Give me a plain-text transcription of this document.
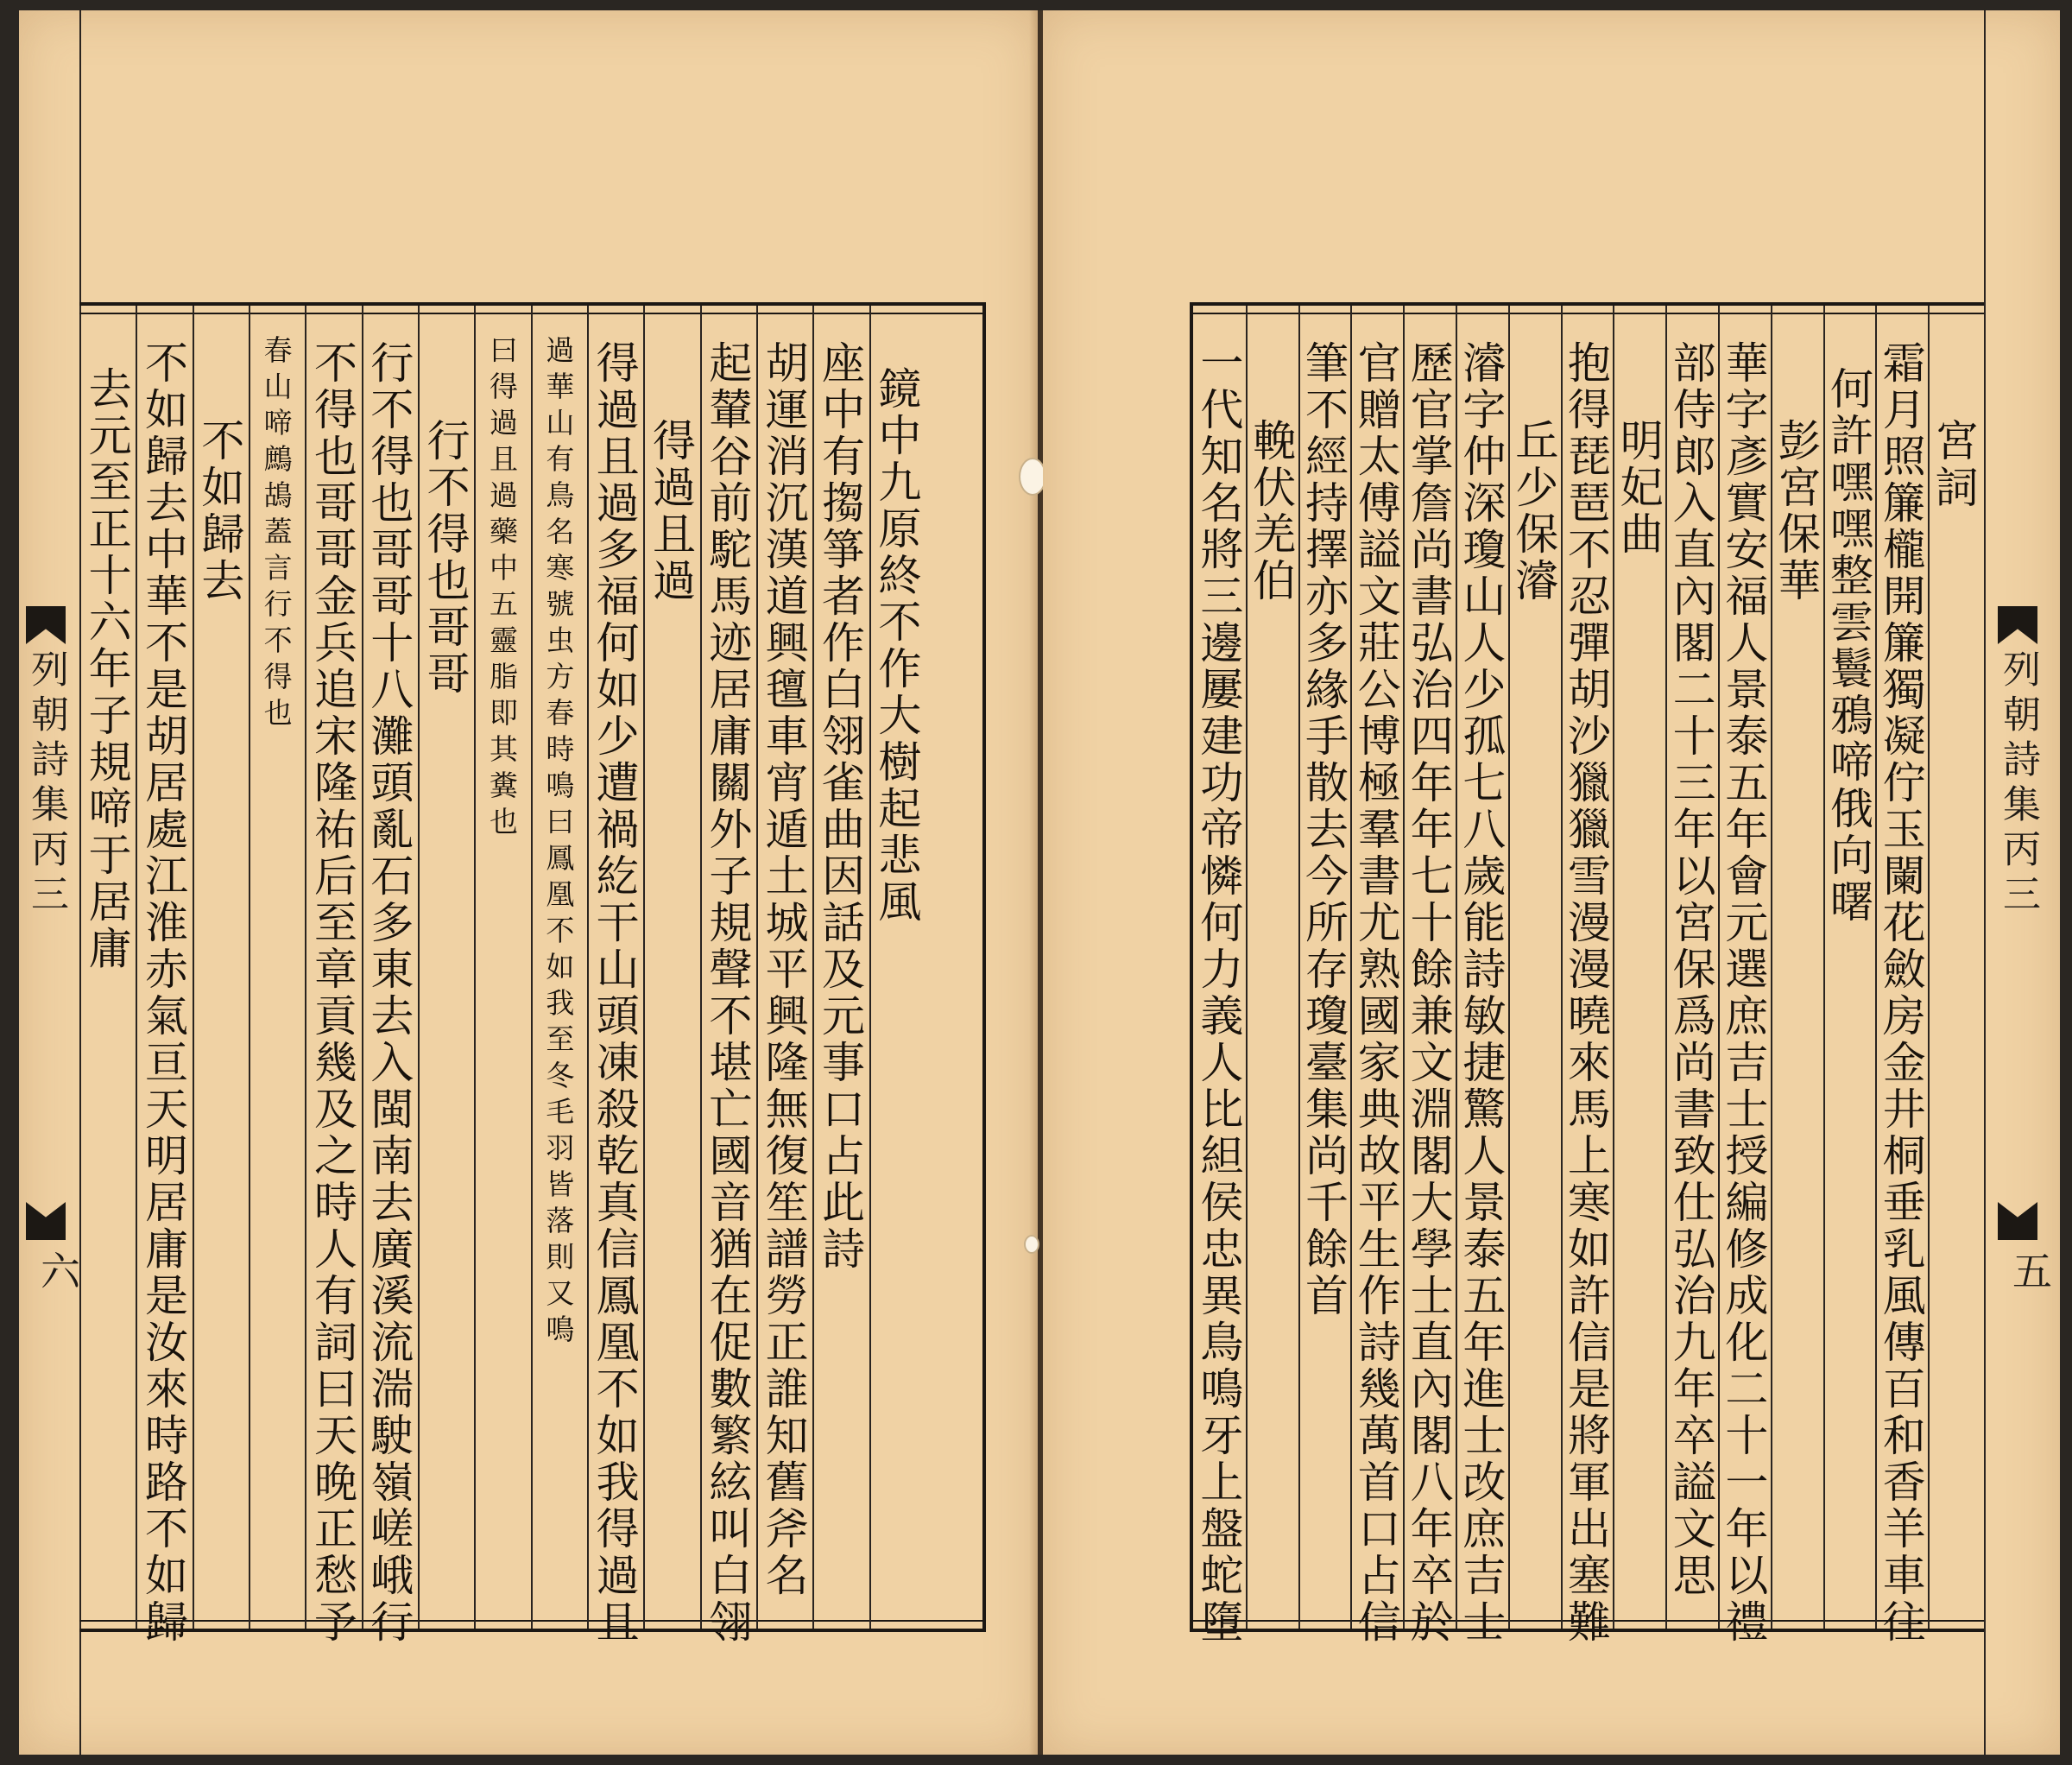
列朝詩集丙三
六
鏡中九原終不作大樹起悲風
座中有搊箏者作白翎雀曲因話及元事口占此詩
胡運消沉漢道興氊車宵遁土城平興隆無復笙譜勞正誰知舊斧名
起輦谷前駝馬迹居庸關外子規聲不堪亡國音猶在促數繁絃叫白翎
得過且過
得過且過多福何如少遭禍紇干山頭凍殺乾真信鳳凰不如我得過且
過華山有鳥名寒號虫方春時鳴曰鳳凰不如我至冬毛羽皆落則又鳴
曰得過且過藥中五靈脂即其糞也
行不得也哥哥
行不得也哥哥十八灘頭亂石多東去入閩南去廣溪流湍駛嶺嵯峨行
不得也哥哥金兵追宋隆祐后至章貢幾及之時人有詞曰天晚正愁予
春山啼鷓鴣蓋言行不得也
不如歸去
不如歸去中華不是胡居處江淮赤氣亘天明居庸是汝來時路不如歸
去元至正十六年子規啼于居庸	宮詞
霜月照簾櫳開簾獨凝佇玉闌花斂房金井桐垂乳風傳百和香羊車往
何許嘿嘿整雲鬟鴉啼俄向曙
彭宮保華
華字彥實安福人景泰五年會元選庶吉士授編修成化二十一年以禮
部侍郎入直內閣二十三年以宮保爲尚書致仕弘治九年卒謚文思
明妃曲
抱得琵琶不忍彈胡沙獵獵雪漫漫曉來馬上寒如許信是將軍出塞難
丘少保濬
濬字仲深瓊山人少孤七八歲能詩敏捷驚人景泰五年進士改庶吉士
歷官掌詹尚書弘治四年年七十餘兼文淵閣大學士直內閣八年卒於
官贈太傅謚文莊公博極羣書尤熟國家典故平生作詩幾萬首口占信
筆不經持擇亦多緣手散去今所存瓊臺集尚千餘首
輓伏羌伯
一代知名將三邊屢建功帝憐何力義人比䋎侯忠異鳥鳴牙上盤蛇墮	列朝詩集丙三
五
